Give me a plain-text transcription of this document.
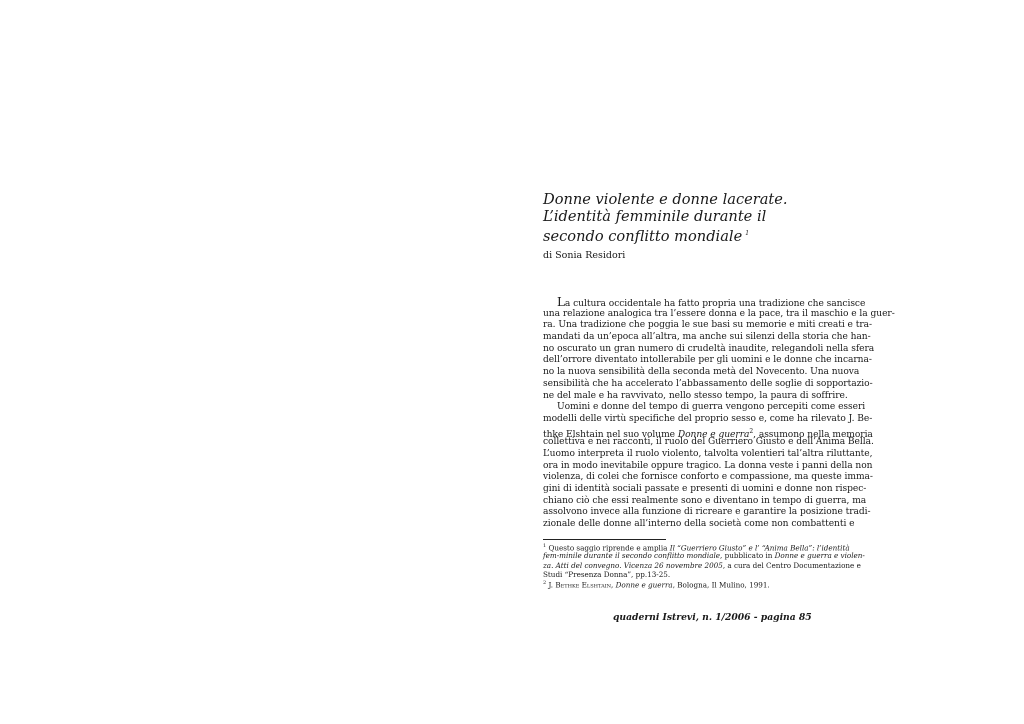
Donne violente e donne lacerate.
L’identità femminile durante il
secondo conflitto mondiale $^1$
di Sonia Residori
La cultura occidentale ha fatto propria una tradizione che sancisce
una relazione analogica tra l’essere donna e la pace, tra il maschio e la guer-
ra. Una tradizione che poggia le sue basi su memorie e miti creati e tra-
mandati da un’epoca all’altra, ma anche sui silenzi della storia che han-
no oscurato un gran numero di crudeltà inaudite, relegandoli nella sfera
dell’orrore diventato intollerabile per gli uomini e le donne che incarna-
no la nuova sensibilità della seconda metà del Novecento. Una nuova
sensibilità che ha accelerato l’abbassamento delle soglie di sopportazio-
ne del male e ha ravvivato, nello stesso tempo, la paura di soffrire.
Uomini e donne del tempo di guerra vengono percepiti come esseri
modelli delle virtù specifiche del proprio sesso e, come ha rilevato J. Be-
thke Elshtain nel suo volume Donne e guerra$^2$, assumono nella memoria
collettiva e nei racconti, il ruolo del Guerriero Giusto e dell’Anima Bella.
L’uomo interpreta il ruolo violento, talvolta volentieri tal’altra riluttante,
ora in modo inevitabile oppure tragico. La donna veste i panni della non
violenza, di colei che fornisce conforto e compassione, ma queste imma-
gini di identità sociali passate e presenti di uomini e donne non rispec-
chiano ciò che essi realmente sono e diventano in tempo di guerra, ma
assolvono invece alla funzione di ricreare e garantire la posizione tradi-
zionale delle donne all’interno della società come non combattenti e
$^1$ Questo saggio riprende e amplia Il “Guerriero Giusto” e l’ “Anima Bella”: l’identità
fem-minile durante il secondo conflitto mondiale, pubblicato in Donne e guerra e violen-
za. Atti del convegno. Vicenza 26 novembre 2005, a cura del Centro Documentazione e
Studi “Presenza Donna”, pp.13-25.
$^2$ J. Bethke Elshtain, Donne e guerra, Bologna, Il Mulino, 1991.
quaderni Istrevi, n. 1/2006 - pagina 85
